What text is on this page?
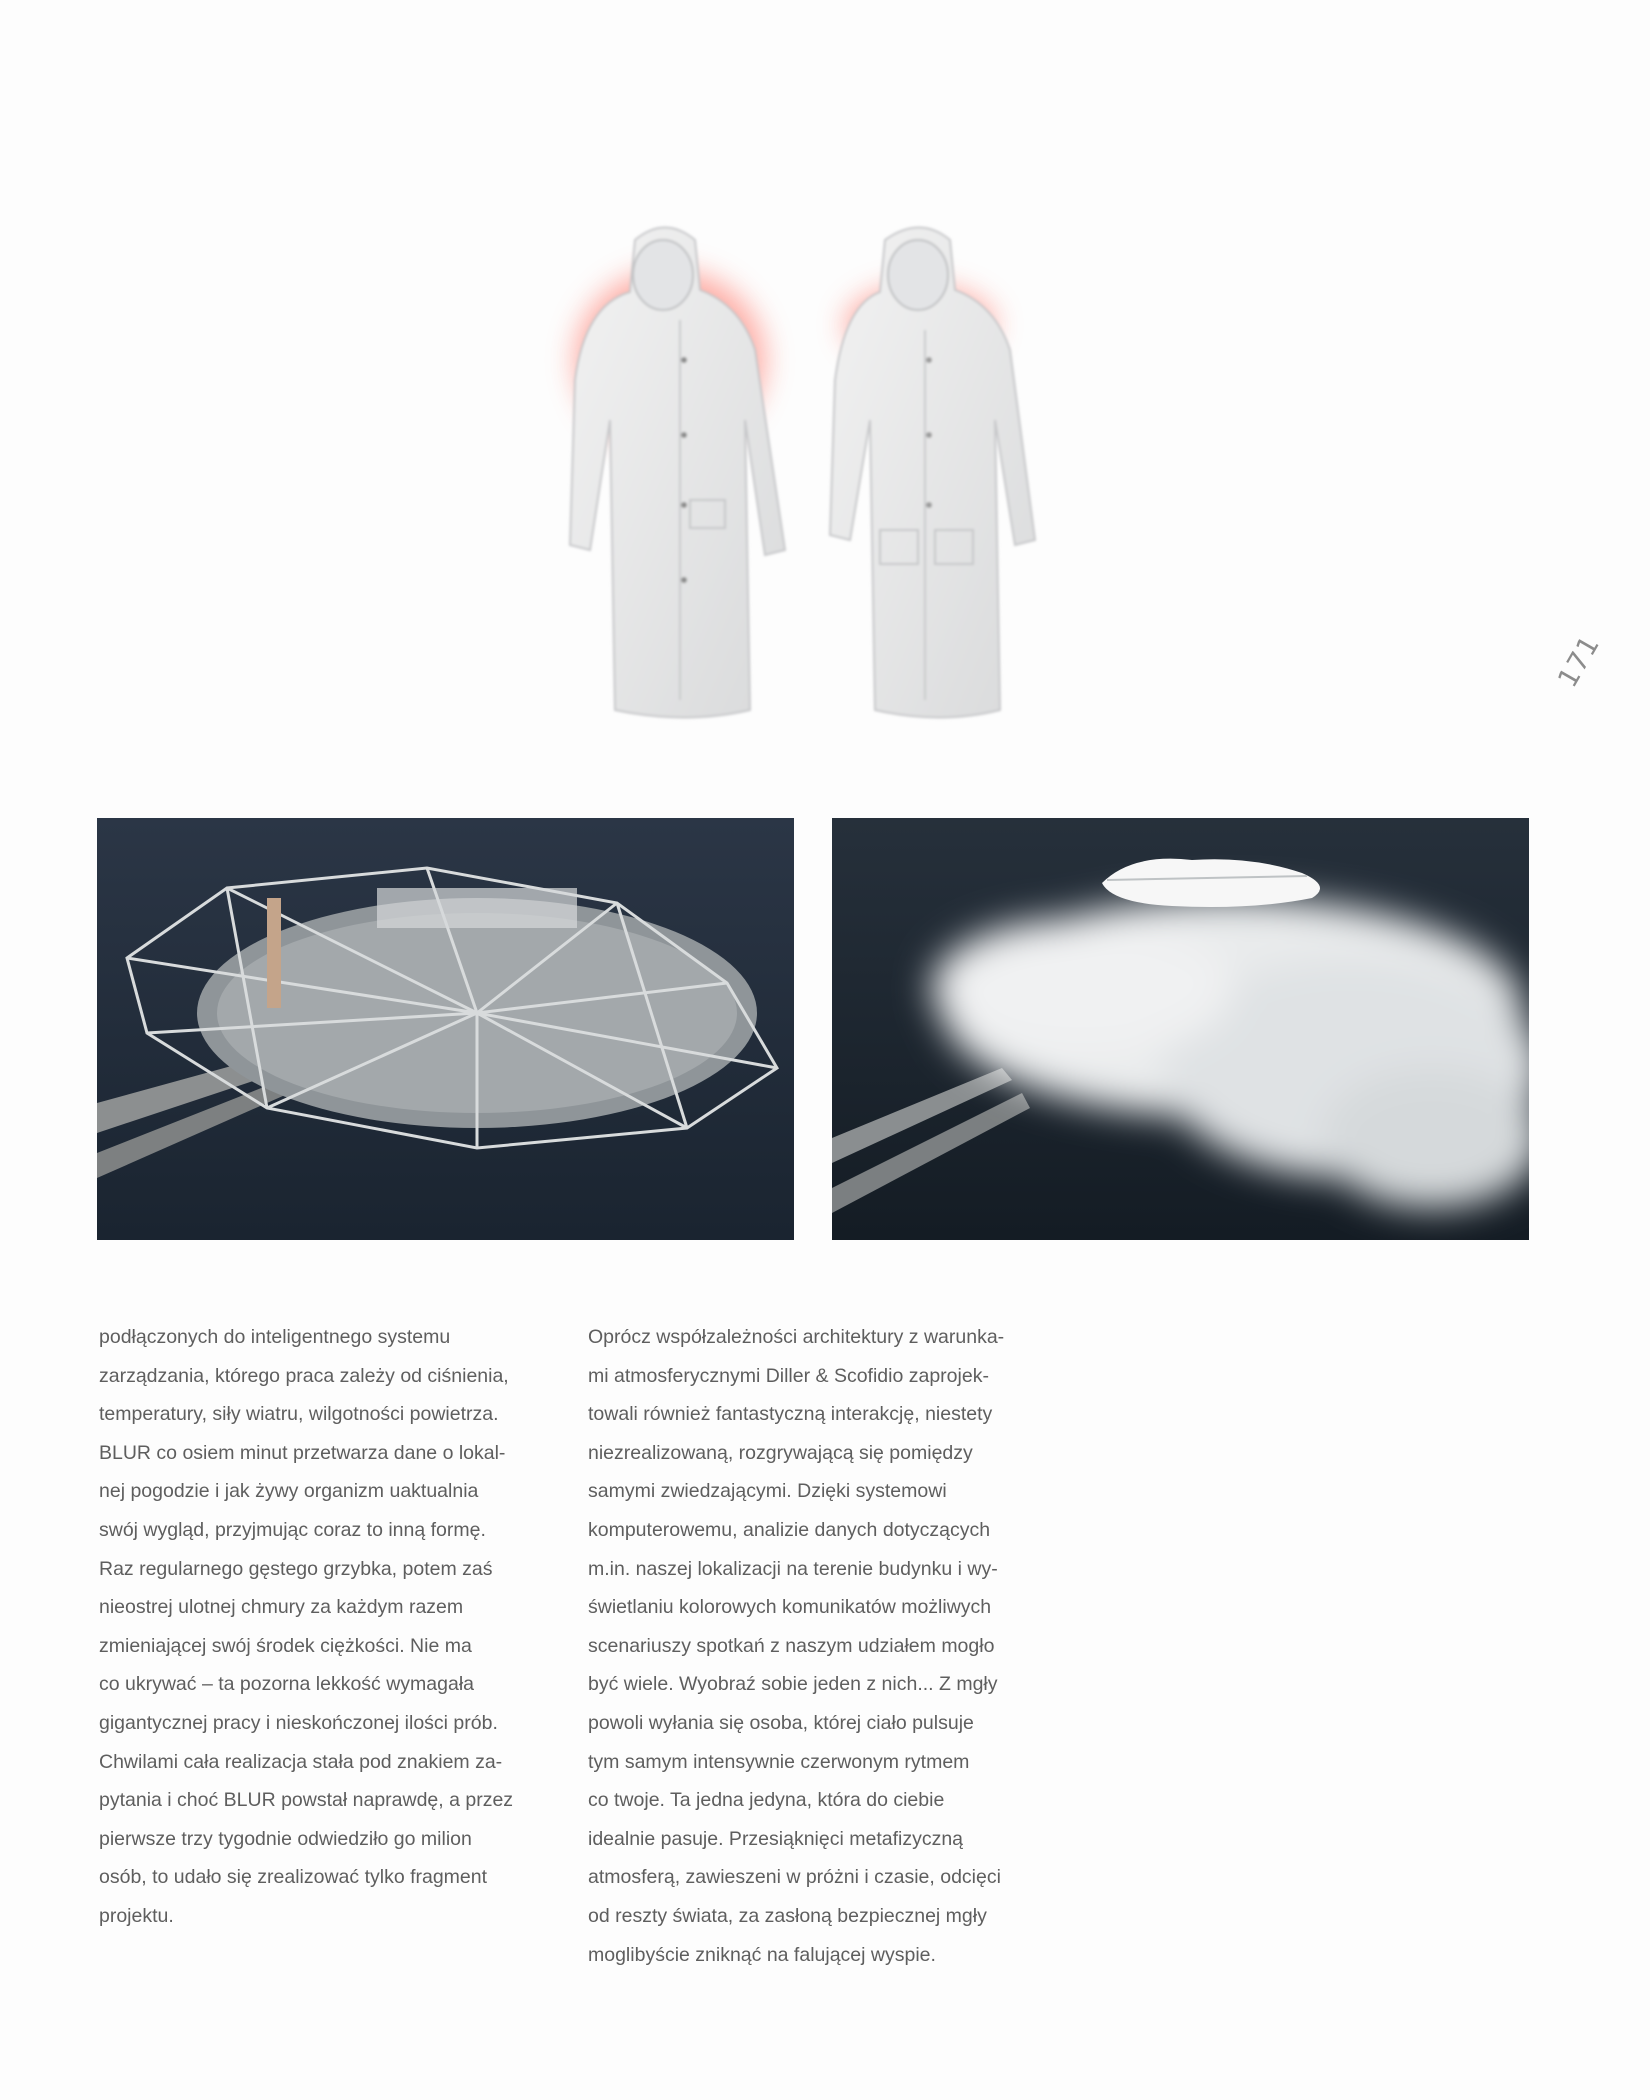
171
podłączonych do inteligentnego systemu
zarządzania, którego praca zależy od ciśnienia,
temperatury, siły wiatru, wilgotności powietrza.
BLUR co osiem minut przetwarza dane o lokal-
nej pogodzie i jak żywy organizm uaktualnia
swój wygląd, przyjmując coraz to inną formę.
Raz regularnego gęstego grzybka, potem zaś
nieostrej ulotnej chmury za każdym razem
zmieniającej swój środek ciężkości. Nie ma
co ukrywać – ta pozorna lekkość wymagała
gigantycznej pracy i nieskończonej ilości prób.
Chwilami cała realizacja stała pod znakiem za-
pytania i choć BLUR powstał naprawdę, a przez
pierwsze trzy tygodnie odwiedziło go milion
osób, to udało się zrealizować tylko fragment
projektu.
Oprócz współzależności architektury z warunka-
mi atmosferycznymi Diller & Scofidio zaprojek-
towali również fantastyczną interakcję, niestety
niezrealizowaną, rozgrywającą się pomiędzy
samymi zwiedzającymi. Dzięki systemowi
komputerowemu, analizie danych dotyczących
m.in. naszej lokalizacji na terenie budynku i wy-
świetlaniu kolorowych komunikatów możliwych
scenariuszy spotkań z naszym udziałem mogło
być wiele. Wyobraź sobie jeden z nich... Z mgły
powoli wyłania się osoba, której ciało pulsuje
tym samym intensywnie czerwonym rytmem
co twoje. Ta jedna jedyna, która do ciebie
idealnie pasuje. Przesiąknięci metafizyczną
atmosferą, zawieszeni w próżni i czasie, odcięci
od reszty świata, za zasłoną bezpiecznej mgły
moglibyście zniknąć na falującej wyspie.
